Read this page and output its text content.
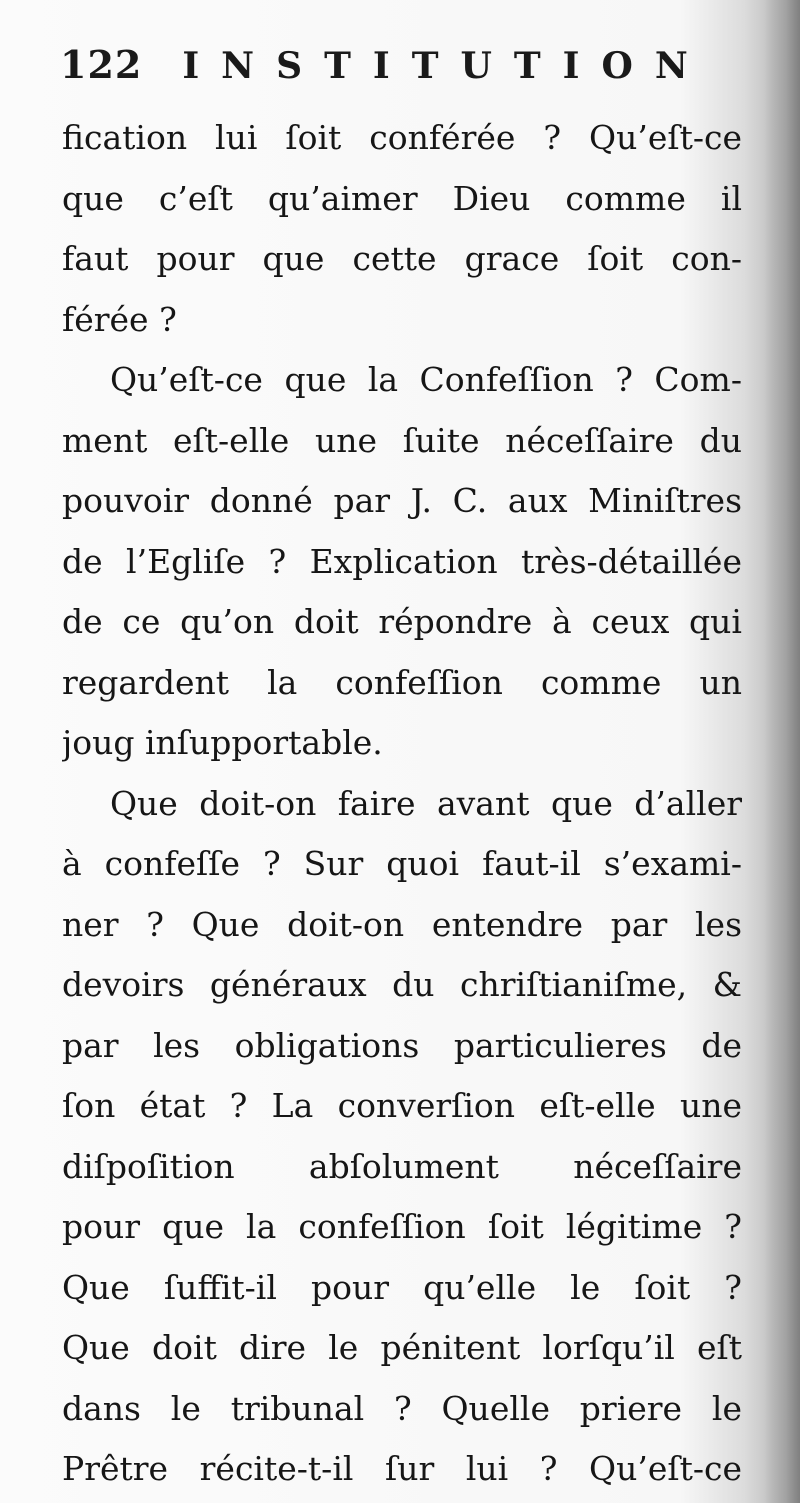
122 INSTITUTION
fication lui ſoit conférée ? Qu’eſt-ce
que c’eſt qu’aimer Dieu comme il
faut pour que cette grace ſoit con-
férée ?
Qu’eſt-ce que la Confeſſion ? Com-
ment eſt-elle une ſuite néceſſaire du
pouvoir donné par J. C. aux Miniſtres
de l’Egliſe ? Explication très-détaillée
de ce qu’on doit répondre à ceux qui
regardent la confeſſion comme un
joug inſupportable.
Que doit-on faire avant que d’aller
à confeſſe ? Sur quoi faut-il s’exami-
ner ? Que doit-on entendre par les
devoirs généraux du chriſtianiſme, &
par les obligations particulieres de
ſon état ? La converſion eſt-elle une
diſpoſition abſolument néceſſaire
pour que la confeſſion ſoit légitime ?
Que ſuffit-il pour qu’elle le ſoit ?
Que doit dire le pénitent lorſqu’il eſt
dans le tribunal ? Quelle priere le
Prêtre récite-t-il ſur lui ? Qu’eſt-ce
